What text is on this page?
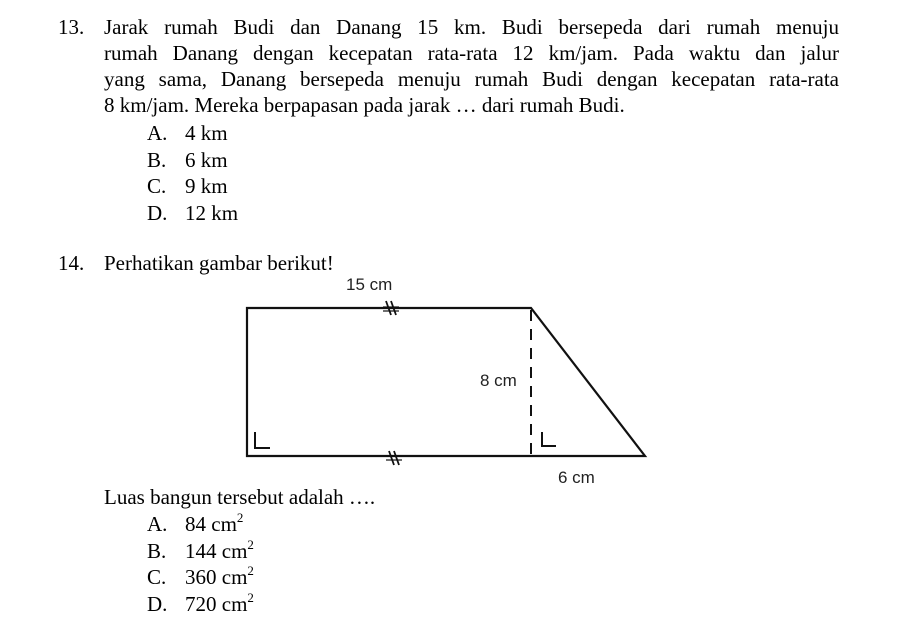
13. Jarak rumah Budi dan Danang 15 km. Budi bersepeda dari rumah menuju
rumah Danang dengan kecepatan rata-rata 12 km/jam. Pada waktu dan jalur
yang sama, Danang bersepeda menuju rumah Budi dengan kecepatan rata-rata
8 km/jam. Mereka berpapasan pada jarak … dari rumah Budi.
A. 4 km
B. 6 km
C. 9 km
D. 12 km
14. Perhatikan gambar berikut!
15 cm
8 cm
6 cm
Luas bangun tersebut adalah ….
A. 84 $cm^2$
B. 144 $cm^2$
C. 360 $cm^2$
D. 720 $cm^2$
